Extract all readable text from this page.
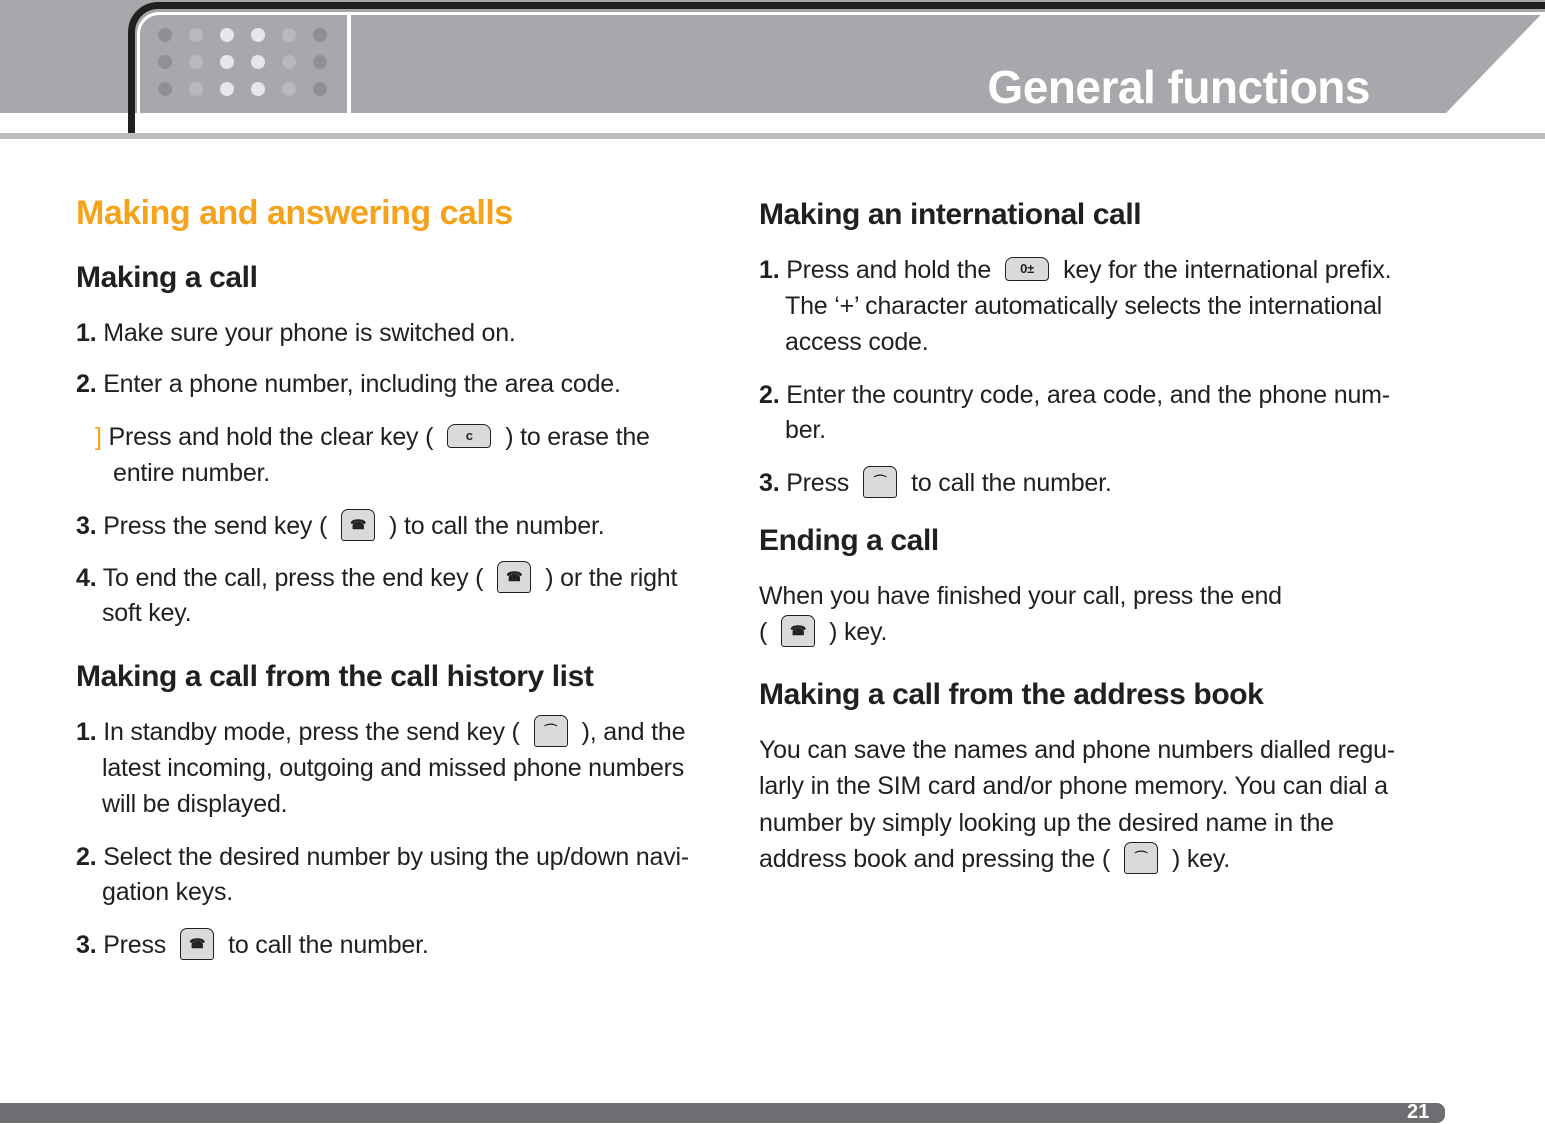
General functions
Making and answering calls
Making a call
1. Make sure your phone is switched on.
2. Enter a phone number, including the area code.
] Press and hold the clear key ( c ) to erase the
entire number.
3. Press the send key ( ☎ ) to call the number.
4. To end the call, press the end key ( ☎ ) or the right
soft key.
Making a call from the call history list
1. In standby mode, press the send key ( ⌒ ), and the
latest incoming, outgoing and missed phone numbers
will be displayed.
2. Select the desired number by using the up/down navi-
gation keys.
3. Press ☎ to call the number.
Making an international call
1. Press and hold the 0± key for the international prefix.
The ‘+’ character automatically selects the international
access code.
2. Enter the country code, area code, and the phone num-
ber.
3. Press ⌒ to call the number.
Ending a call
When you have finished your call, press the end
( ☎ ) key.
Making a call from the address book
You can save the names and phone numbers dialled regu-
larly in the SIM card and/or phone memory. You can dial a
number by simply looking up the desired name in the
address book and pressing the ( ⌒ ) key.
21
